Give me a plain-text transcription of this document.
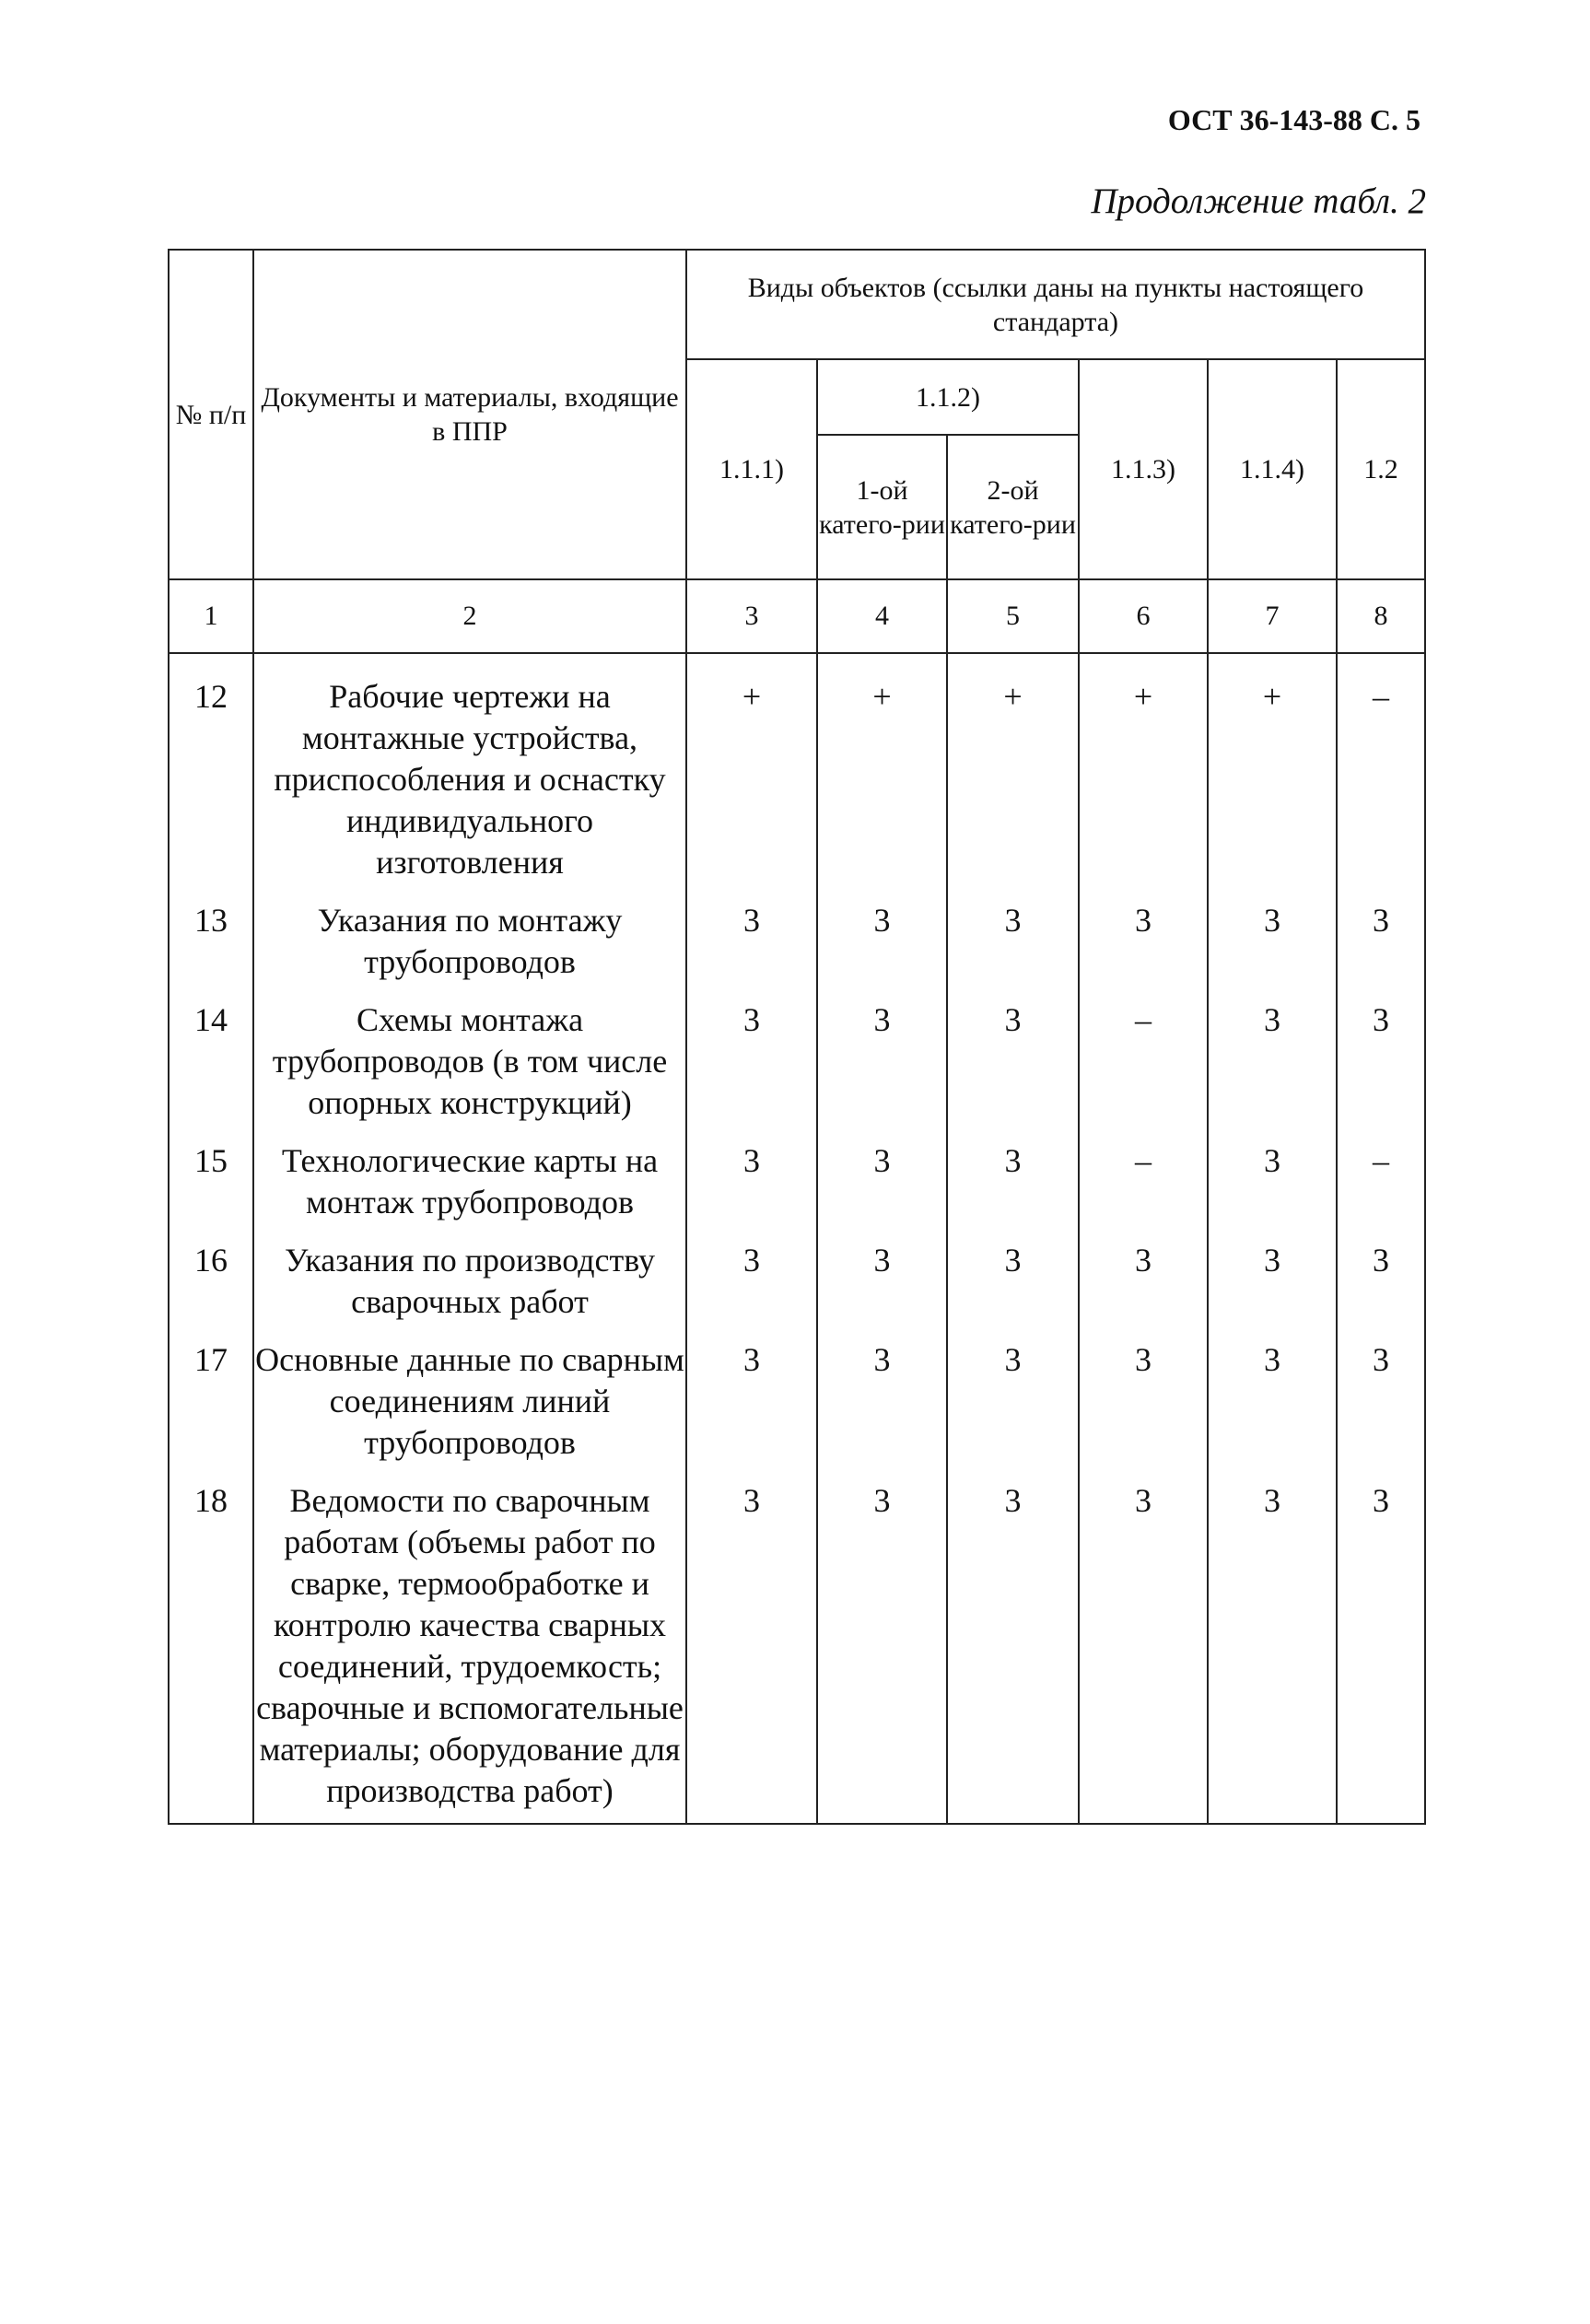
ОСТ 36-143-88 С. 5
Продолжение табл. 2
№ п/п	Документы и материалы, входящие в ППР	Виды объектов (ссылки даны на пункты настоящего стандарта)					
		1.1.1)	1.1.2)		1.1.3)	1.1.4)	1.2
			1-ой катего-рии	2-ой катего-рии			
1	2	3	4	5	6	7	8
12	Рабочие чертежи на монтажные устройства, приспособления и оснастку индивидуального изготовления	+	+	+	+	+	–
13	Указания по монтажу трубопроводов	3	3	3	3	3	3
14	Схемы монтажа трубопроводов (в том числе опорных конструкций)	3	3	3	–	3	3
15	Технологические карты на монтаж трубопроводов	3	3	3	–	3	–
16	Указания по производству сварочных работ	3	3	3	3	3	3
17	Основные данные по сварным соединениям линий трубопроводов	3	3	3	3	3	3
18	Ведомости по сварочным работам (объемы работ по сварке, термообработке и контролю качества сварных соединений, трудоемкость; сварочные и вспомогательные материалы; оборудование для производства работ)	3	3	3	3	3	3
